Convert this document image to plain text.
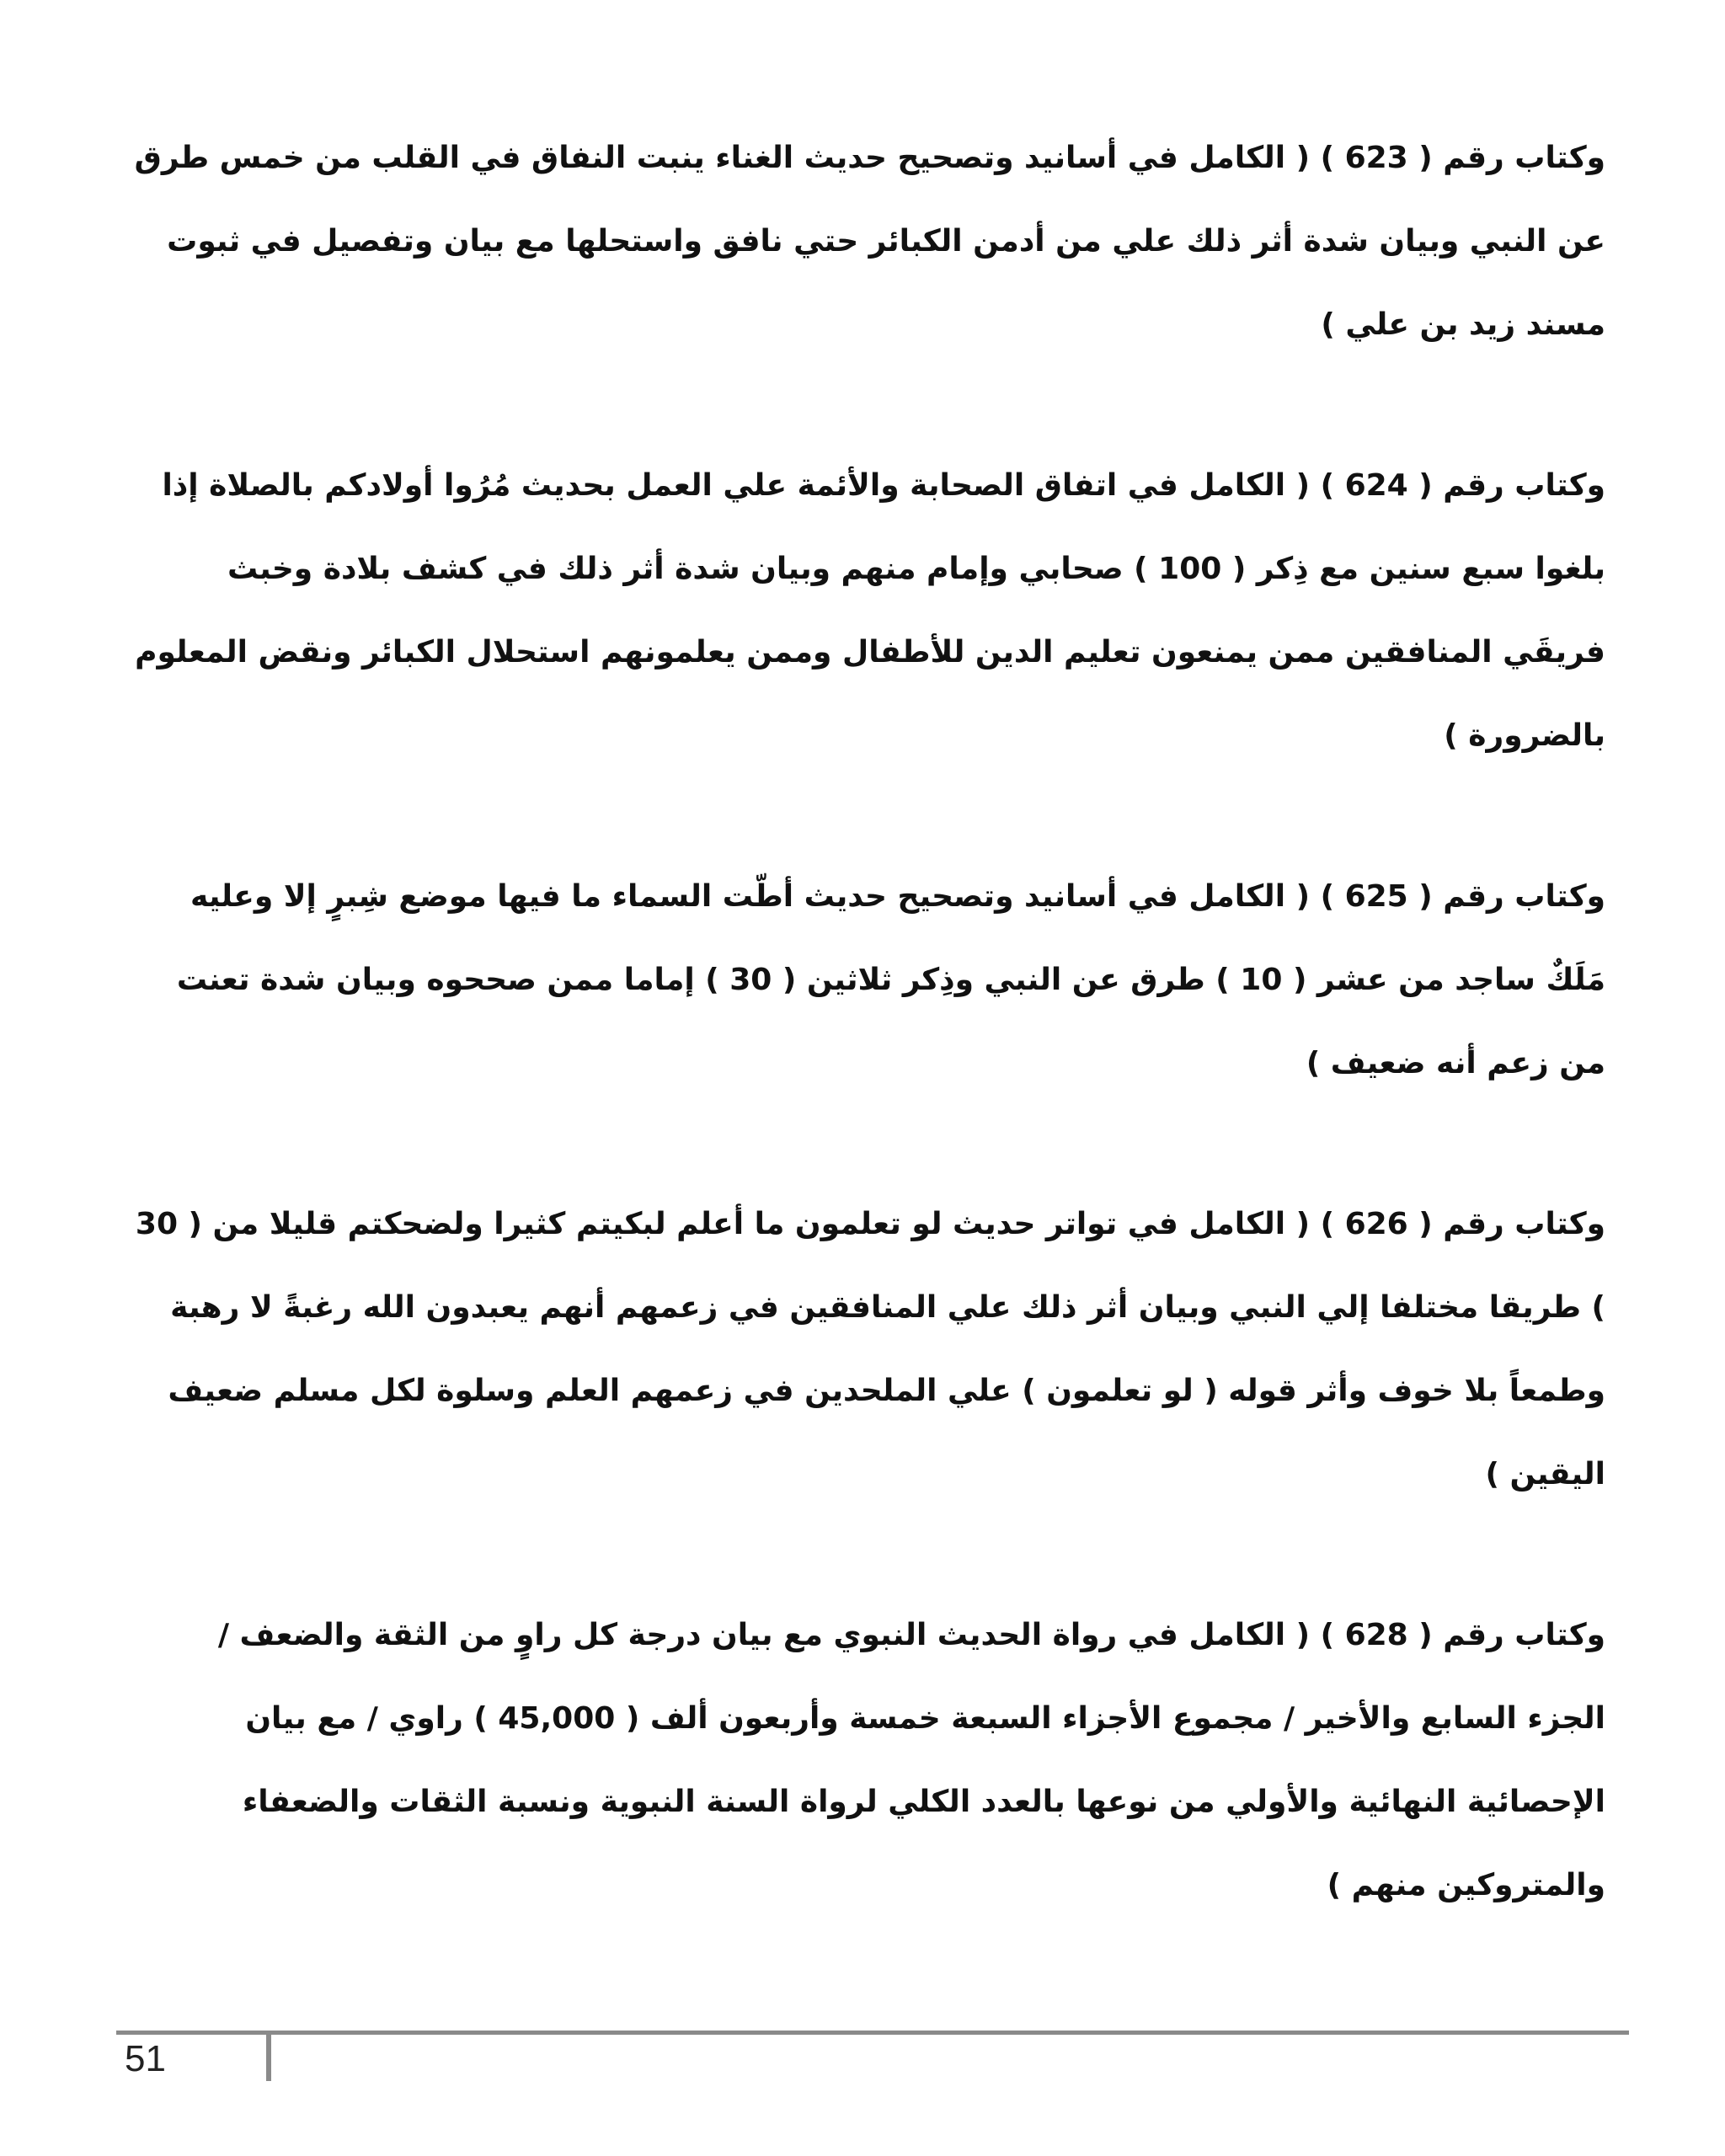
وكتاب رقم ( 623 ) ( الكامل في أسانيد وتصحيح حديث الغناء ينبت النفاق في القلب من خمس طرق عن النبي وبيان شدة أثر ذلك علي من أدمن الكبائر حتي نافق واستحلها مع بيان وتفصيل في ثبوت مسند زيد بن علي )

وكتاب رقم ( 624 ) ( الكامل في اتفاق الصحابة والأئمة علي العمل بحديث مُرُوا أولادكم بالصلاة إذا بلغوا سبع سنين مع ذِكر ( 100 ) صحابي وإمام منهم وبيان شدة أثر ذلك في كشف بلادة وخبث فريقَي المنافقين ممن يمنعون تعليم الدين للأطفال وممن يعلمونهم استحلال الكبائر ونقض المعلوم بالضرورة )

وكتاب رقم ( 625 ) ( الكامل في أسانيد وتصحيح حديث أطّت السماء ما فيها موضع شِبرٍ إلا وعليه مَلَكٌ ساجد من عشر ( 10 ) طرق عن النبي وذِكر ثلاثين ( 30 ) إماما ممن صححوه وبيان شدة تعنت من زعم أنه ضعيف )

وكتاب رقم ( 626 ) ( الكامل في تواتر حديث لو تعلمون ما أعلم لبكيتم كثيرا ولضحكتم قليلا من ( 30 ) طريقا مختلفا إلي النبي وبيان أثر ذلك علي المنافقين في زعمهم أنهم يعبدون الله رغبةً لا رهبة وطمعاً بلا خوف وأثر قوله ( لو تعلمون ) علي الملحدين في زعمهم العلم وسلوة لكل مسلم ضعيف اليقين )

وكتاب رقم ( 628 ) ( الكامل في رواة الحديث النبوي مع بيان درجة كل راوٍ من الثقة والضعف / الجزء السابع والأخير / مجموع الأجزاء السبعة خمسة وأربعون ألف ( 45,000 ) راوي / مع بيان الإحصائية النهائية والأولي من نوعها بالعدد الكلي لرواة السنة النبوية ونسبة الثقات والضعفاء والمتروكين منهم )

51
